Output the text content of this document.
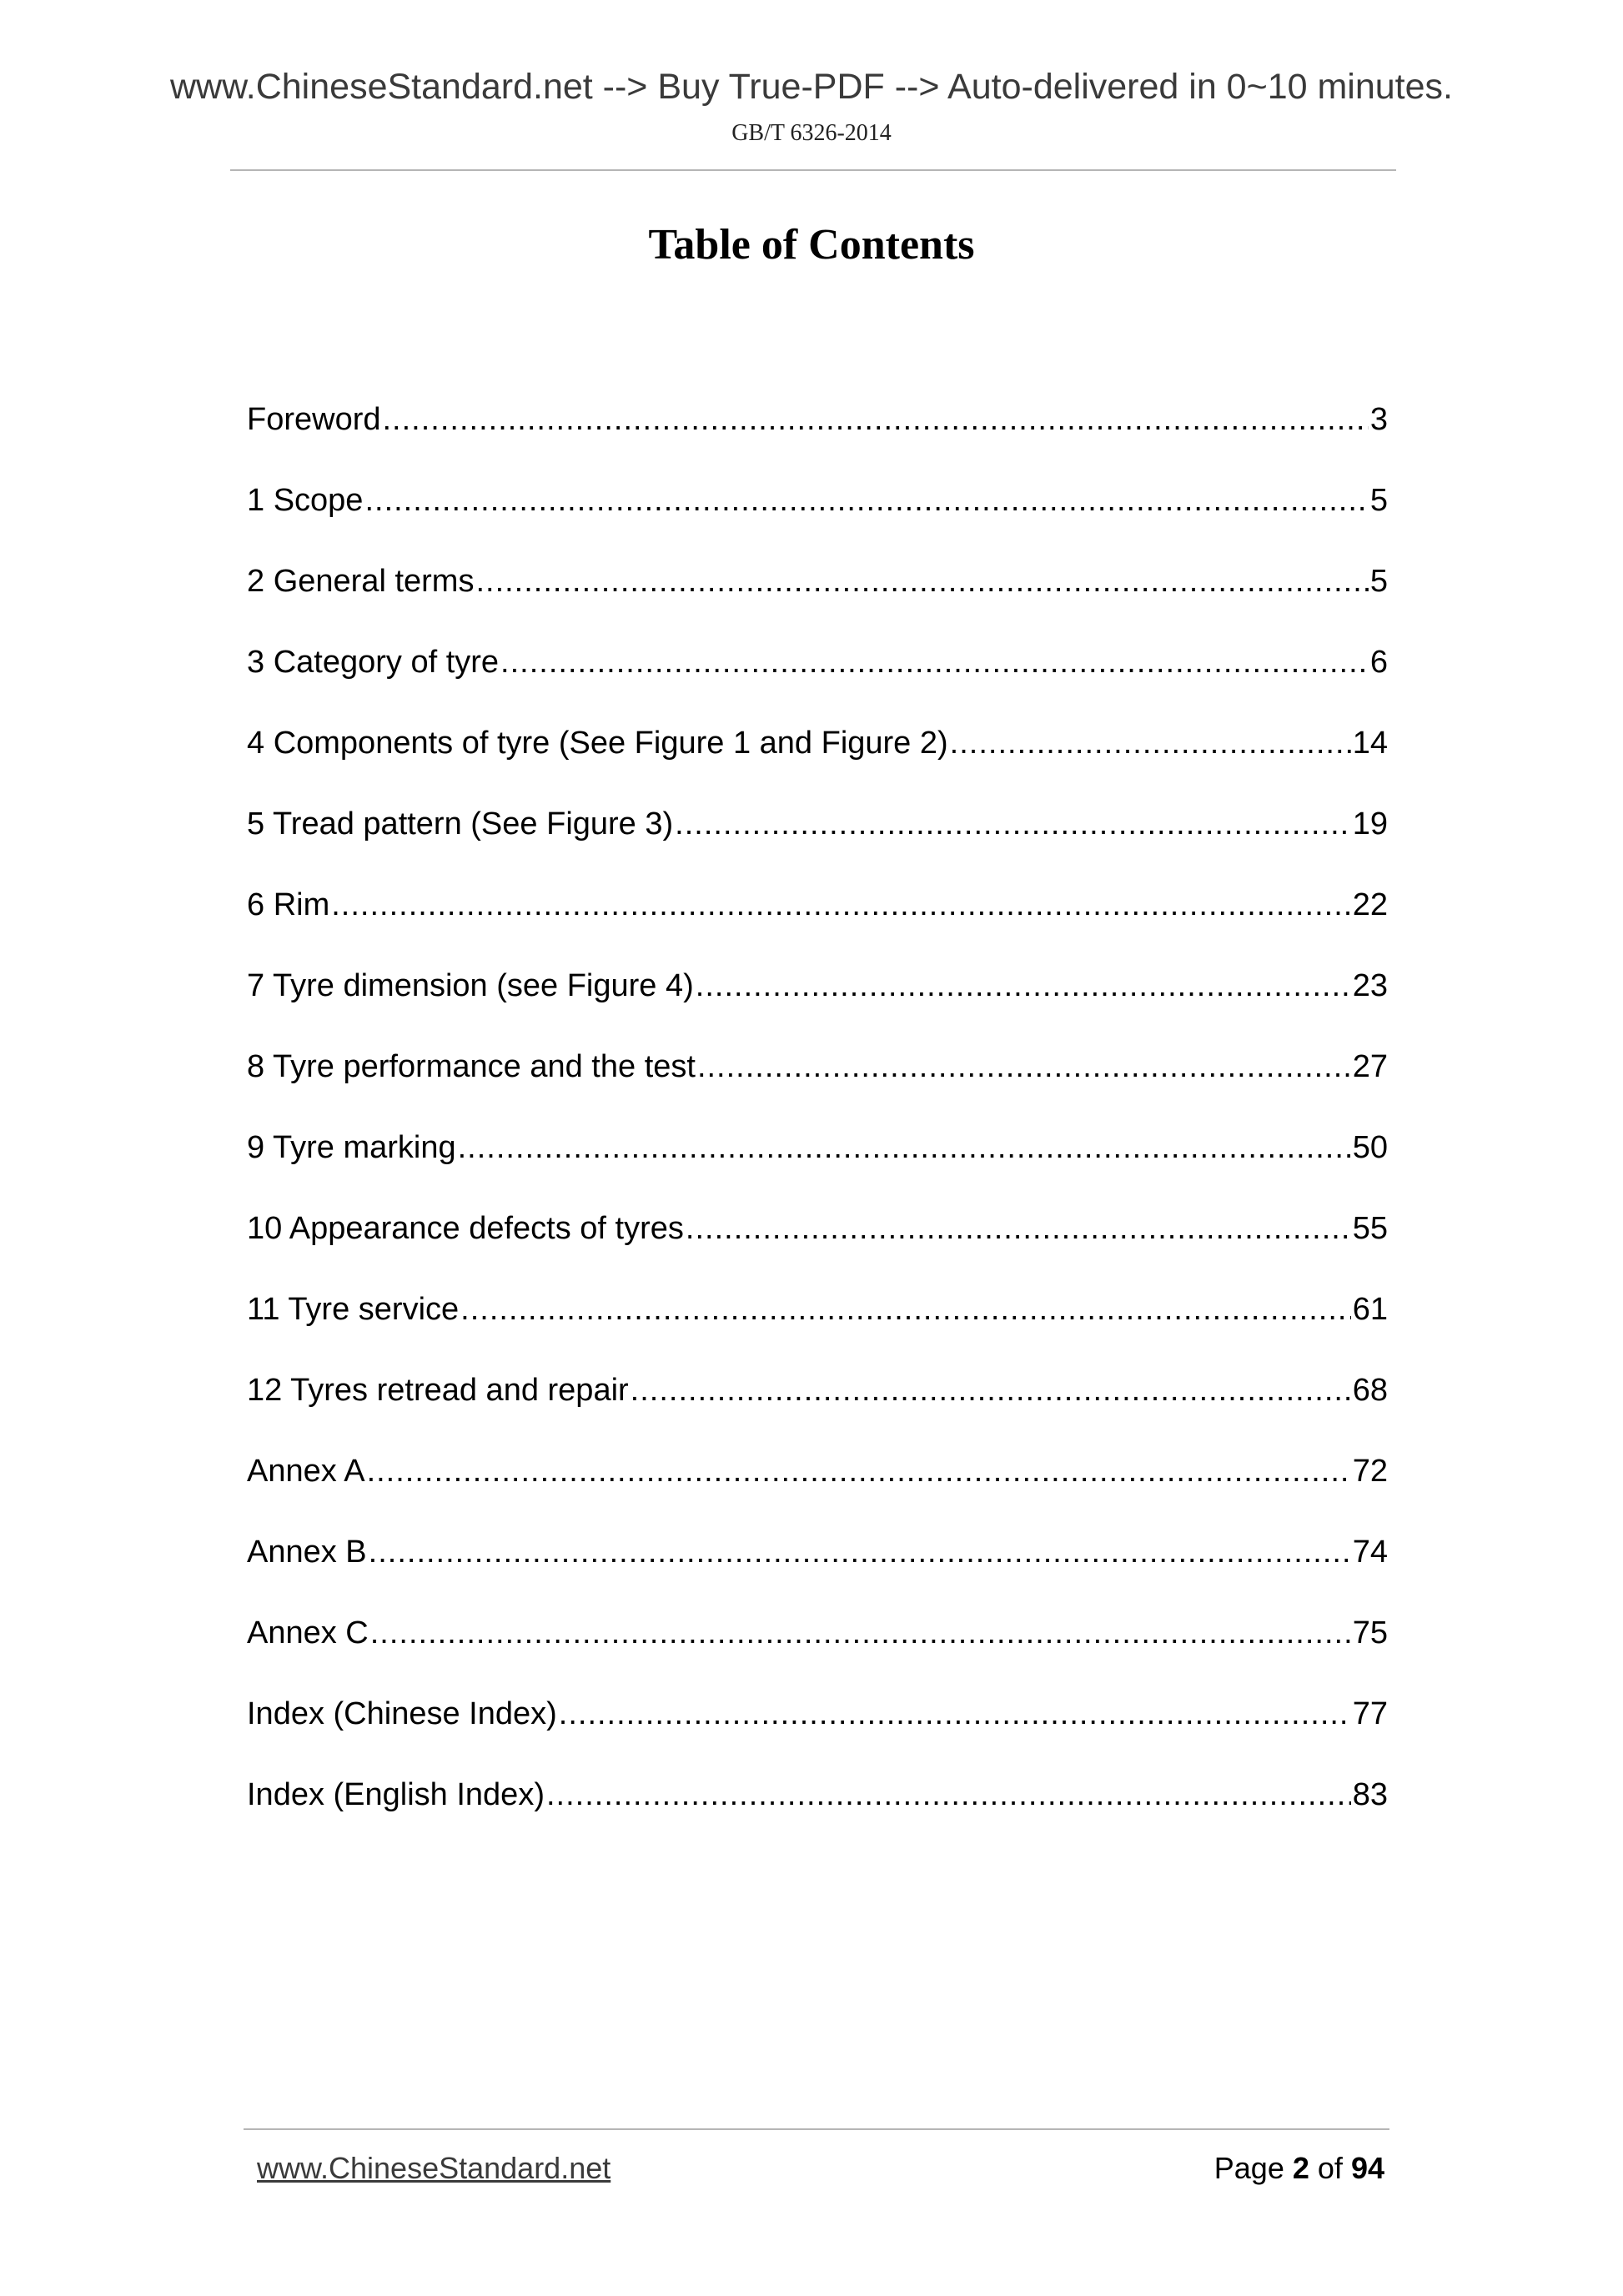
www.ChineseStandard.net --> Buy True-PDF --> Auto-delivered in 0~10 minutes.
GB/T 6326-2014
Table of Contents
Foreword .....	3
1 Scope .....	5
2 General terms .....	5
3 Category of tyre .....	6
4 Components of tyre (See Figure 1 and Figure 2) .....	14
5 Tread pattern (See Figure 3) .....	19
6 Rim .....	22
7 Tyre dimension (see Figure 4) .....	23
8 Tyre performance and the test .....	27
9 Tyre marking .....	50
10 Appearance defects of tyres .....	55
11 Tyre service .....	61
12 Tyres retread and repair .....	68
Annex A .....	72
Annex B .....	74
Annex C .....	75
Index (Chinese Index) .....	77
Index (English Index) .....	83
www.ChineseStandard.net	Page 2 of 94
